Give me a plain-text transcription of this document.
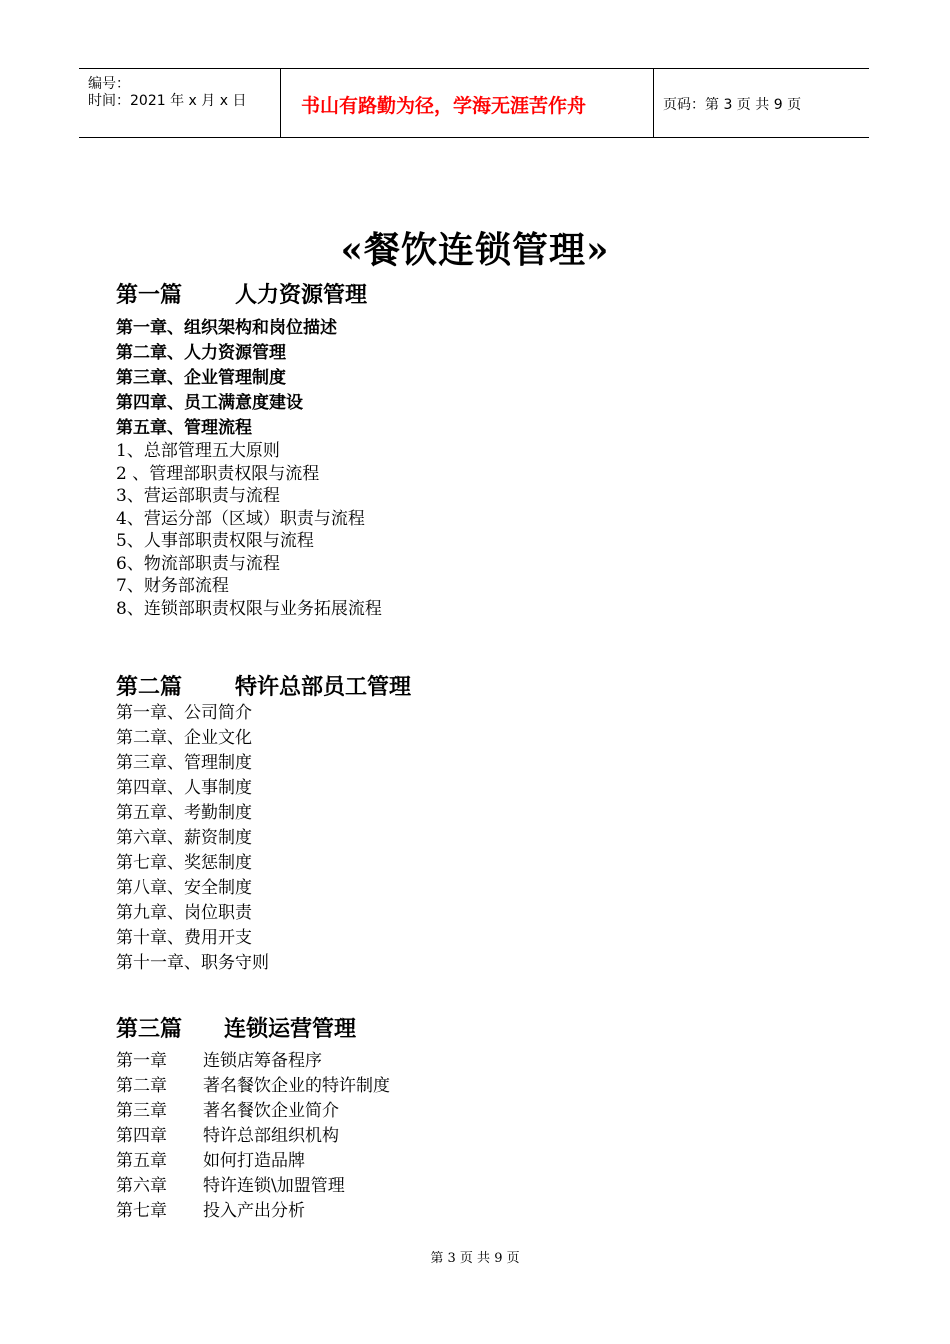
编号：
时间：2021 年 x 月 x 日	书山有路勤为径，学海无涯苦作舟	页码：第 3 页 共 9 页
«餐饮连锁管理»
第一篇 人力资源管理
第一章、组织架构和岗位描述
第二章、人力资源管理
第三章、企业管理制度
第四章、员工满意度建设
第五章、管理流程
1、总部管理五大原则
2 、管理部职责权限与流程
3、营运部职责与流程
4、营运分部（区域）职责与流程
5、人事部职责权限与流程
6、物流部职责与流程
7、财务部流程
8、连锁部职责权限与业务拓展流程
第二篇 特许总部员工管理
第一章、公司简介
第二章、企业文化
第三章、管理制度
第四章、人事制度
第五章、考勤制度
第六章、薪资制度
第七章、奖惩制度
第八章、安全制度
第九章、岗位职责
第十章、费用开支
第十一章、职务守则
第三篇 连锁运营管理
第一章 连锁店筹备程序
第二章 著名餐饮企业的特许制度
第三章 著名餐饮企业简介
第四章 特许总部组织机构
第五章 如何打造品牌
第六章 特许连锁\加盟管理
第七章 投入产出分析
第 3 页 共 9 页
